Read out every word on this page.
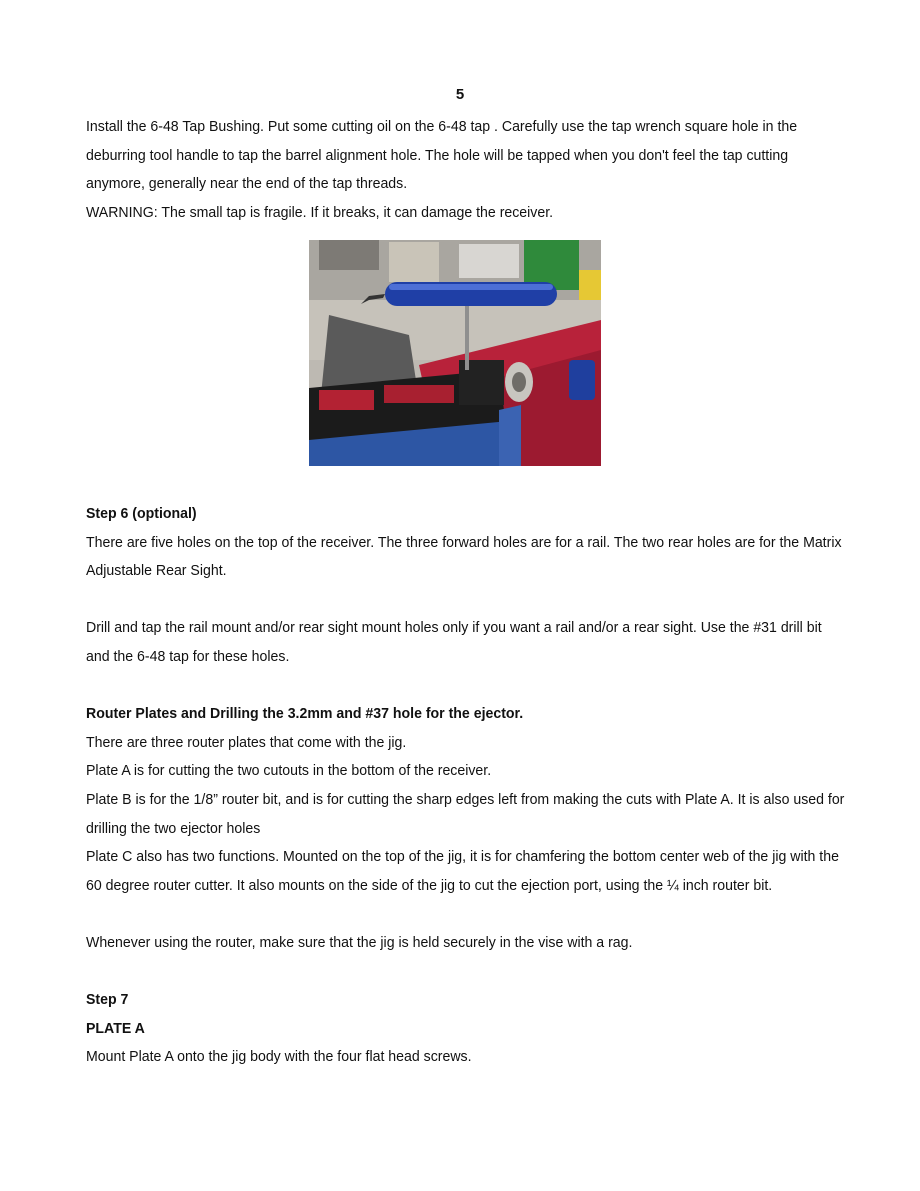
5

Install the 6-48 Tap Bushing. Put some cutting oil on the 6-48 tap . Carefully use the tap wrench square hole in the deburring tool handle to tap the barrel alignment hole. The hole will be tapped when you don't feel the tap cutting anymore, generally near the end of the tap threads.

WARNING: The small tap is fragile. If it breaks, it can damage the receiver.

Step 6 (optional)

There are five holes on the top of the receiver. The three forward holes are for a rail. The two rear holes are for the Matrix Adjustable Rear Sight.

Drill and tap the rail mount and/or rear sight mount holes only if you want a rail and/or a rear sight. Use the #31 drill bit and the 6-48 tap for these holes.

Router Plates and Drilling the 3.2mm and #37 hole for the ejector.

There are three router plates that come with the jig.

Plate A is for cutting the two cutouts in the bottom of the receiver.

Plate B is for the 1/8” router bit, and is for cutting the sharp edges left from making the cuts with Plate A. It is also used for drilling the two ejector holes

Plate C also has two functions. Mounted on the top of the jig, it is for chamfering the bottom center web of the jig with the 60 degree router cutter. It also mounts on the side of the jig to cut the ejection port, using the ¼ inch router bit.

Whenever using the router, make sure that the jig is held securely in the vise with a rag.

Step 7

PLATE A

Mount Plate A onto the jig body with the four flat head screws.
